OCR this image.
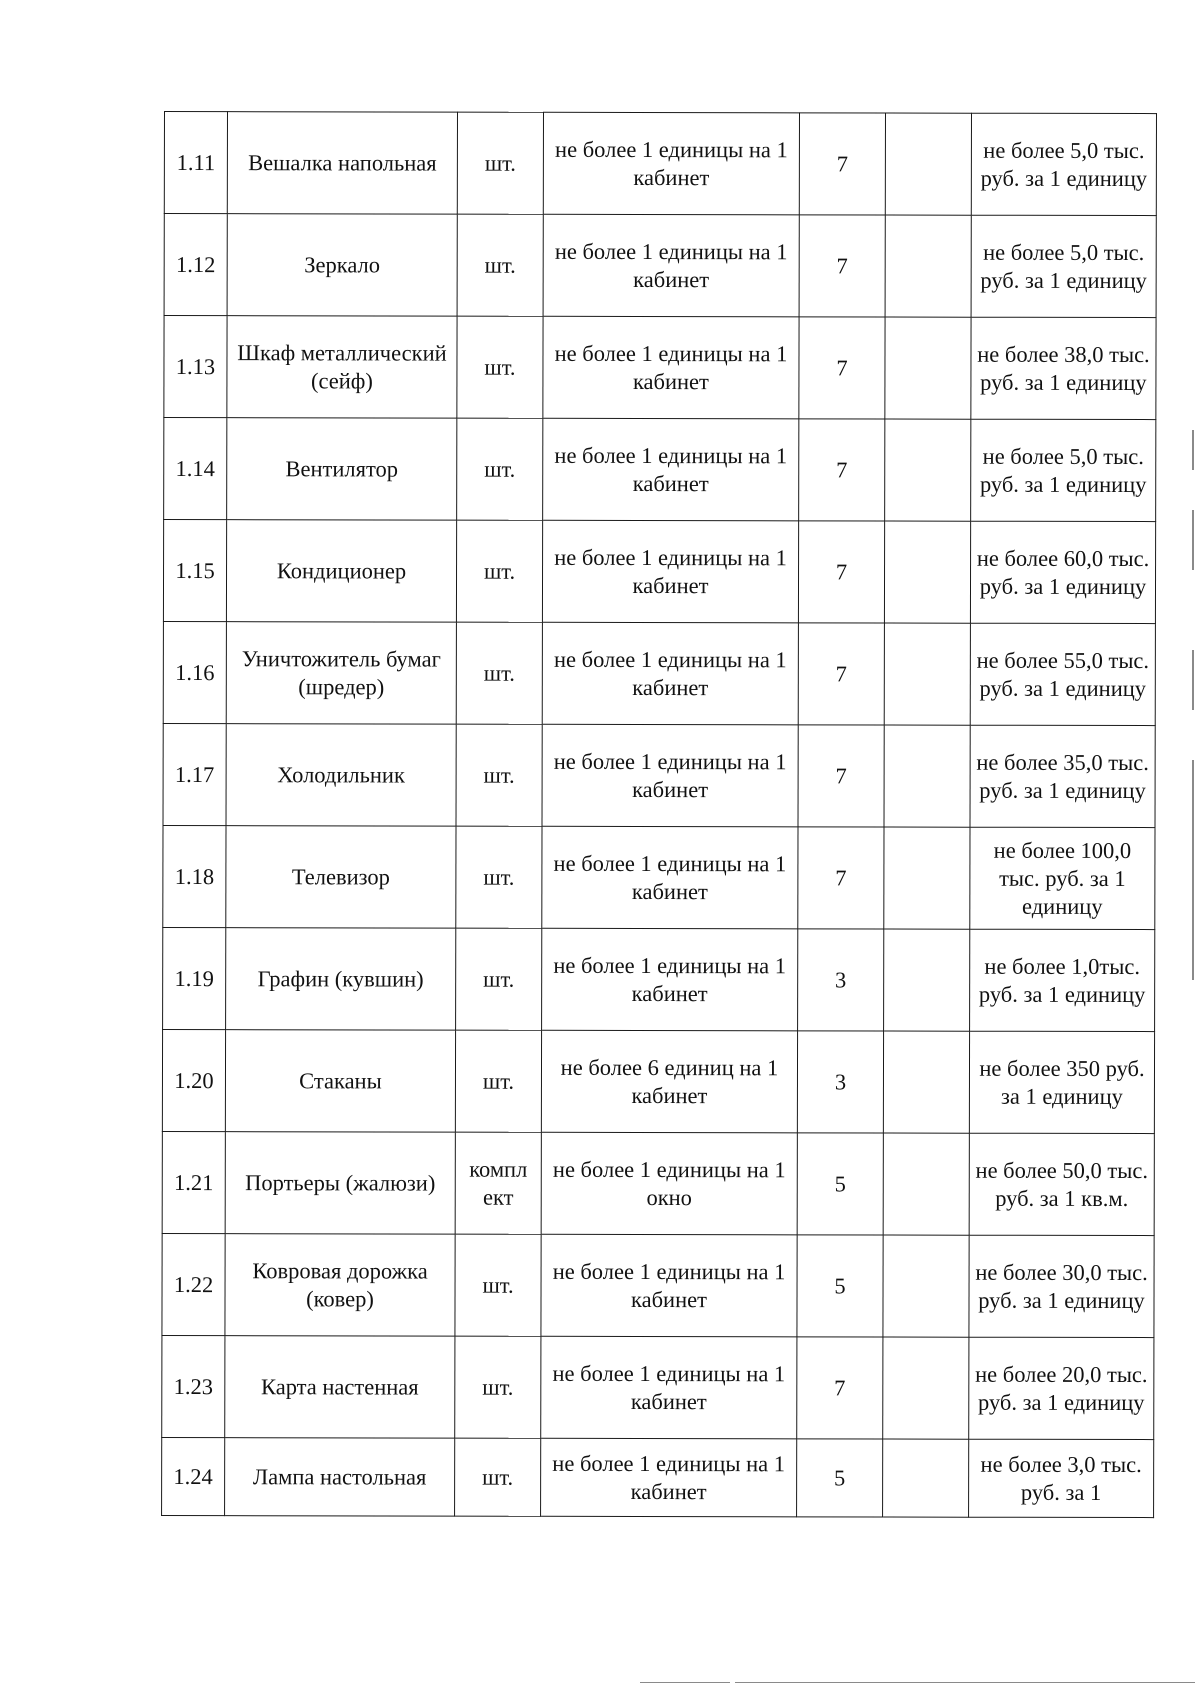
1.11	Вешалка напольная	шт.	не более 1 единицы на 1 кабинет	7		не более 5,0 тыс. руб. за 1 единицу
1.12	Зеркало	шт.	не более 1 единицы на 1 кабинет	7		не более 5,0 тыс. руб. за 1 единицу
1.13	Шкаф металлический (сейф)	шт.	не более 1 единицы на 1 кабинет	7		не более 38,0 тыс. руб. за 1 единицу
1.14	Вентилятор	шт.	не более 1 единицы на 1 кабинет	7		не более 5,0 тыс. руб. за 1 единицу
1.15	Кондиционер	шт.	не более 1 единицы на 1 кабинет	7		не более 60,0 тыс. руб. за 1 единицу
1.16	Уничтожитель бумаг (шредер)	шт.	не более 1 единицы на 1 кабинет	7		не более 55,0 тыс. руб. за 1 единицу
1.17	Холодильник	шт.	не более 1 единицы на 1 кабинет	7		не более 35,0 тыс. руб. за 1 единицу
1.18	Телевизор	шт.	не более 1 единицы на 1 кабинет	7		не более 100,0 тыс. руб. за 1 единицу
1.19	Графин (кувшин)	шт.	не более 1 единицы на 1 кабинет	3		не более 1,0тыс. руб. за 1 единицу
1.20	Стаканы	шт.	не более 6 единиц на 1 кабинет	3		не более 350 руб. за 1 единицу
1.21	Портьеры (жалюзи)	компл ект	не более 1 единицы на 1 окно	5		не более 50,0 тыс. руб. за 1 кв.м.
1.22	Ковровая дорожка (ковер)	шт.	не более 1 единицы на 1 кабинет	5		не более 30,0 тыс. руб. за 1 единицу
1.23	Карта настенная	шт.	не более 1 единицы на 1 кабинет	7		не более 20,0 тыс. руб. за 1 единицу
1.24	Лампа настольная	шт.	не более 1 единицы на 1 кабинет	5		не более 3,0 тыс. руб. за 1
